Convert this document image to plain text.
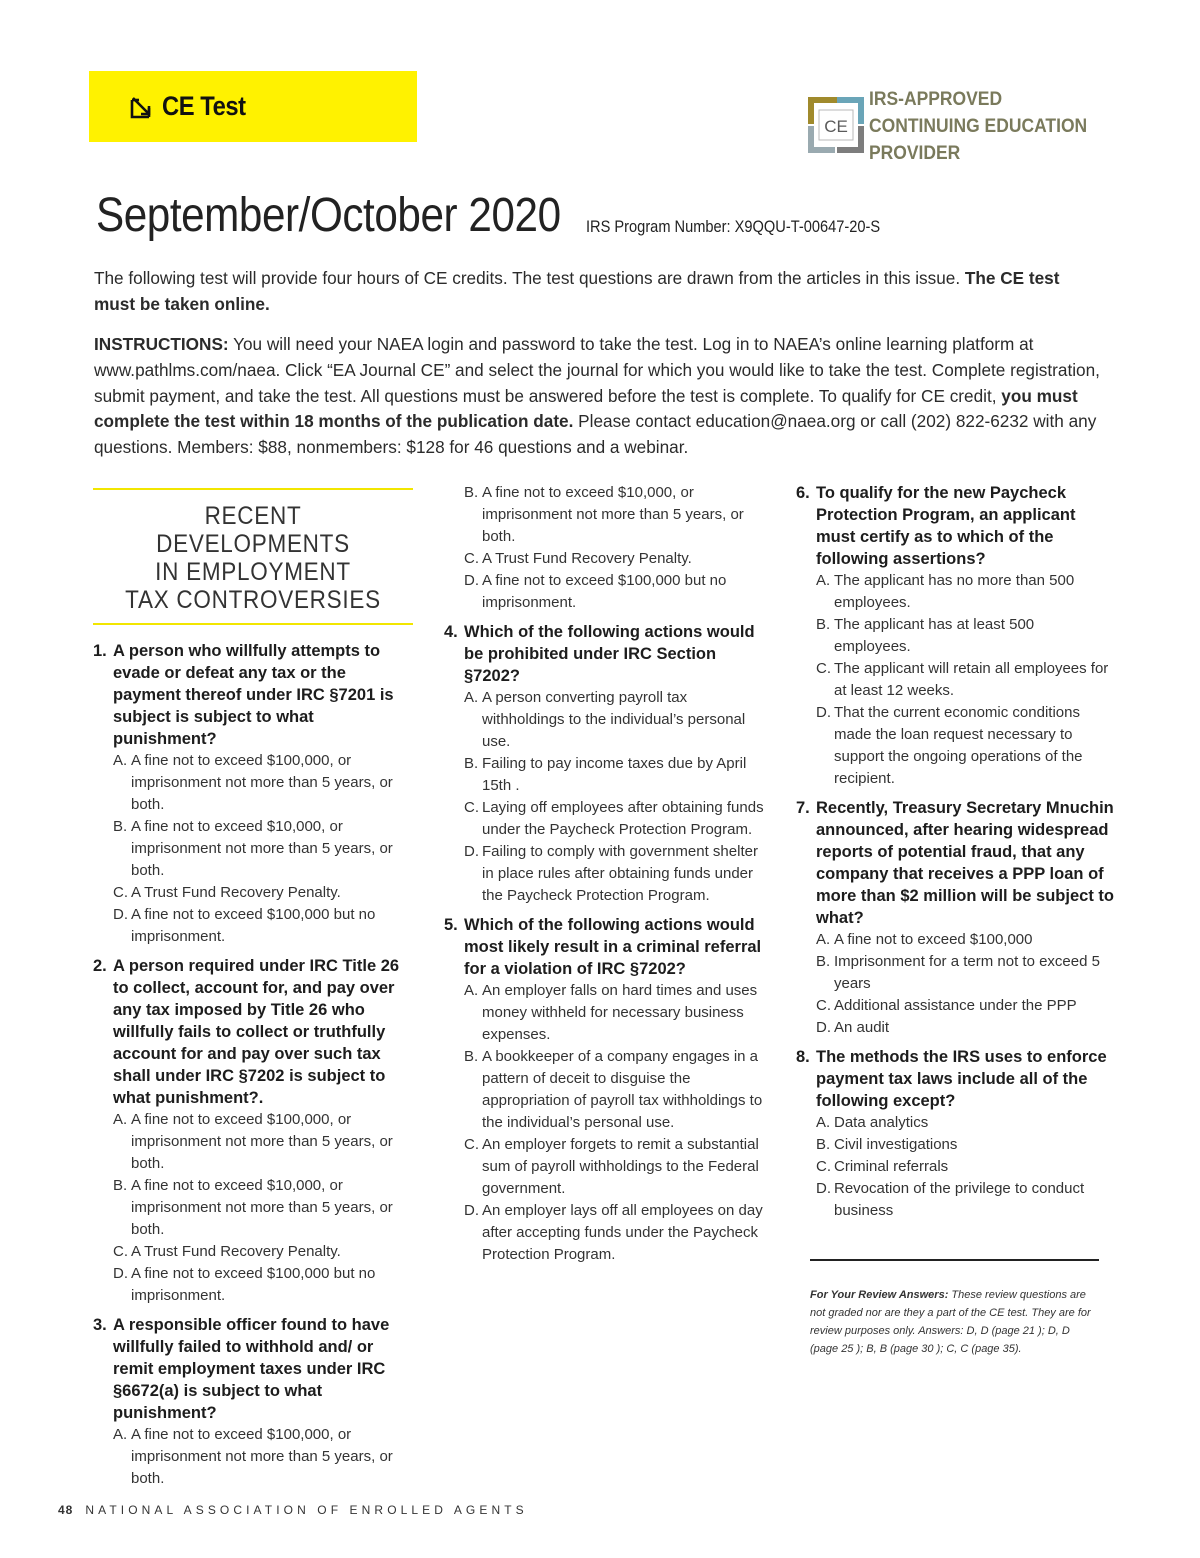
CE Test
CE
IRS-APPROVED
CONTINUING EDUCATION
PROVIDER
September/October 2020 IRS Program Number: X9QQU-T-00647-20-S
The following test will provide four hours of CE credits. The test questions are drawn from the articles in this issue. The CE test must be taken online.
INSTRUCTIONS: You will need your NAEA login and password to take the test. Log in to NAEA’s online learning platform at www.pathlms.com/naea. Click “EA Journal CE” and select the journal for which you would like to take the test. Complete registration, submit payment, and take the test. All questions must be answered before the test is complete. To qualify for CE credit, you must complete the test within 18 months of the publication date. Please contact education@naea.org or call (202) 822-6232 with any questions. Members: $88, nonmembers: $128 for 46 questions and a webinar.
RECENT DEVELOPMENTS
IN EMPLOYMENT
TAX CONTROVERSIES
1. A person who willfully attempts to evade or defeat any tax or the payment thereof under IRC §7201 is subject is subject to what punishment?
A. A fine not to exceed $100,000, or imprisonment not more than 5 years, or both.
B. A fine not to exceed $10,000, or imprisonment not more than 5 years, or both.
C. A Trust Fund Recovery Penalty.
D. A fine not to exceed $100,000 but no imprisonment.
2. A person required under IRC Title 26 to collect, account for, and pay over any tax imposed by Title 26 who willfully fails to collect or truthfully account for and pay over such tax shall under IRC §7202 is subject to what punishment?.
A. A fine not to exceed $100,000, or imprisonment not more than 5 years, or both.
B. A fine not to exceed $10,000, or imprisonment not more than 5 years, or both.
C. A Trust Fund Recovery Penalty.
D. A fine not to exceed $100,000 but no imprisonment.
3. A responsible officer found to have willfully failed to withhold and/ or remit employment taxes under IRC §6672(a) is subject to what punishment?
A. A fine not to exceed $100,000, or imprisonment not more than 5 years, or both.
B. A fine not to exceed $10,000, or imprisonment not more than 5 years, or both.
C. A Trust Fund Recovery Penalty.
D. A fine not to exceed $100,000 but no imprisonment.
4. Which of the following actions would be prohibited under IRC Section §7202?
A. A person converting payroll tax withholdings to the individual’s personal use.
B. Failing to pay income taxes due by April 15th .
C. Laying off employees after obtaining funds under the Paycheck Protection Program.
D. Failing to comply with government shelter in place rules after obtaining funds under the Paycheck Protection Program.
5. Which of the following actions would most likely result in a criminal referral for a violation of IRC §7202?
A. An employer falls on hard times and uses money withheld for necessary business expenses.
B. A bookkeeper of a company engages in a pattern of deceit to disguise the appropriation of payroll tax withholdings to the individual’s personal use.
C. An employer forgets to remit a substantial sum of payroll withholdings to the Federal government.
D. An employer lays off all employees on day after accepting funds under the Paycheck Protection Program.
6. To qualify for the new Paycheck Protection Program, an applicant must certify as to which of the following assertions?
A. The applicant has no more than 500 employees.
B. The applicant has at least 500 employees.
C. The applicant will retain all employees for at least 12 weeks.
D. That the current economic conditions made the loan request necessary to support the ongoing operations of the recipient.
7. Recently, Treasury Secretary Mnuchin announced, after hearing widespread reports of potential fraud, that any company that receives a PPP loan of more than $2 million will be subject to what?
A. A fine not to exceed $100,000
B. Imprisonment for a term not to exceed 5 years
C. Additional assistance under the PPP
D. An audit
8. The methods the IRS uses to enforce payment tax laws include all of the following except?
A. Data analytics
B. Civil investigations
C. Criminal referrals
D. Revocation of the privilege to conduct business
For Your Review Answers: These review questions are not graded nor are they a part of the CE test. They are for review purposes only. Answers: D, D (page 21 ); D, D (page 25 ); B, B (page 30 ); C, C (page 35).
48 NATIONAL ASSOCIATION OF ENROLLED AGENTS
